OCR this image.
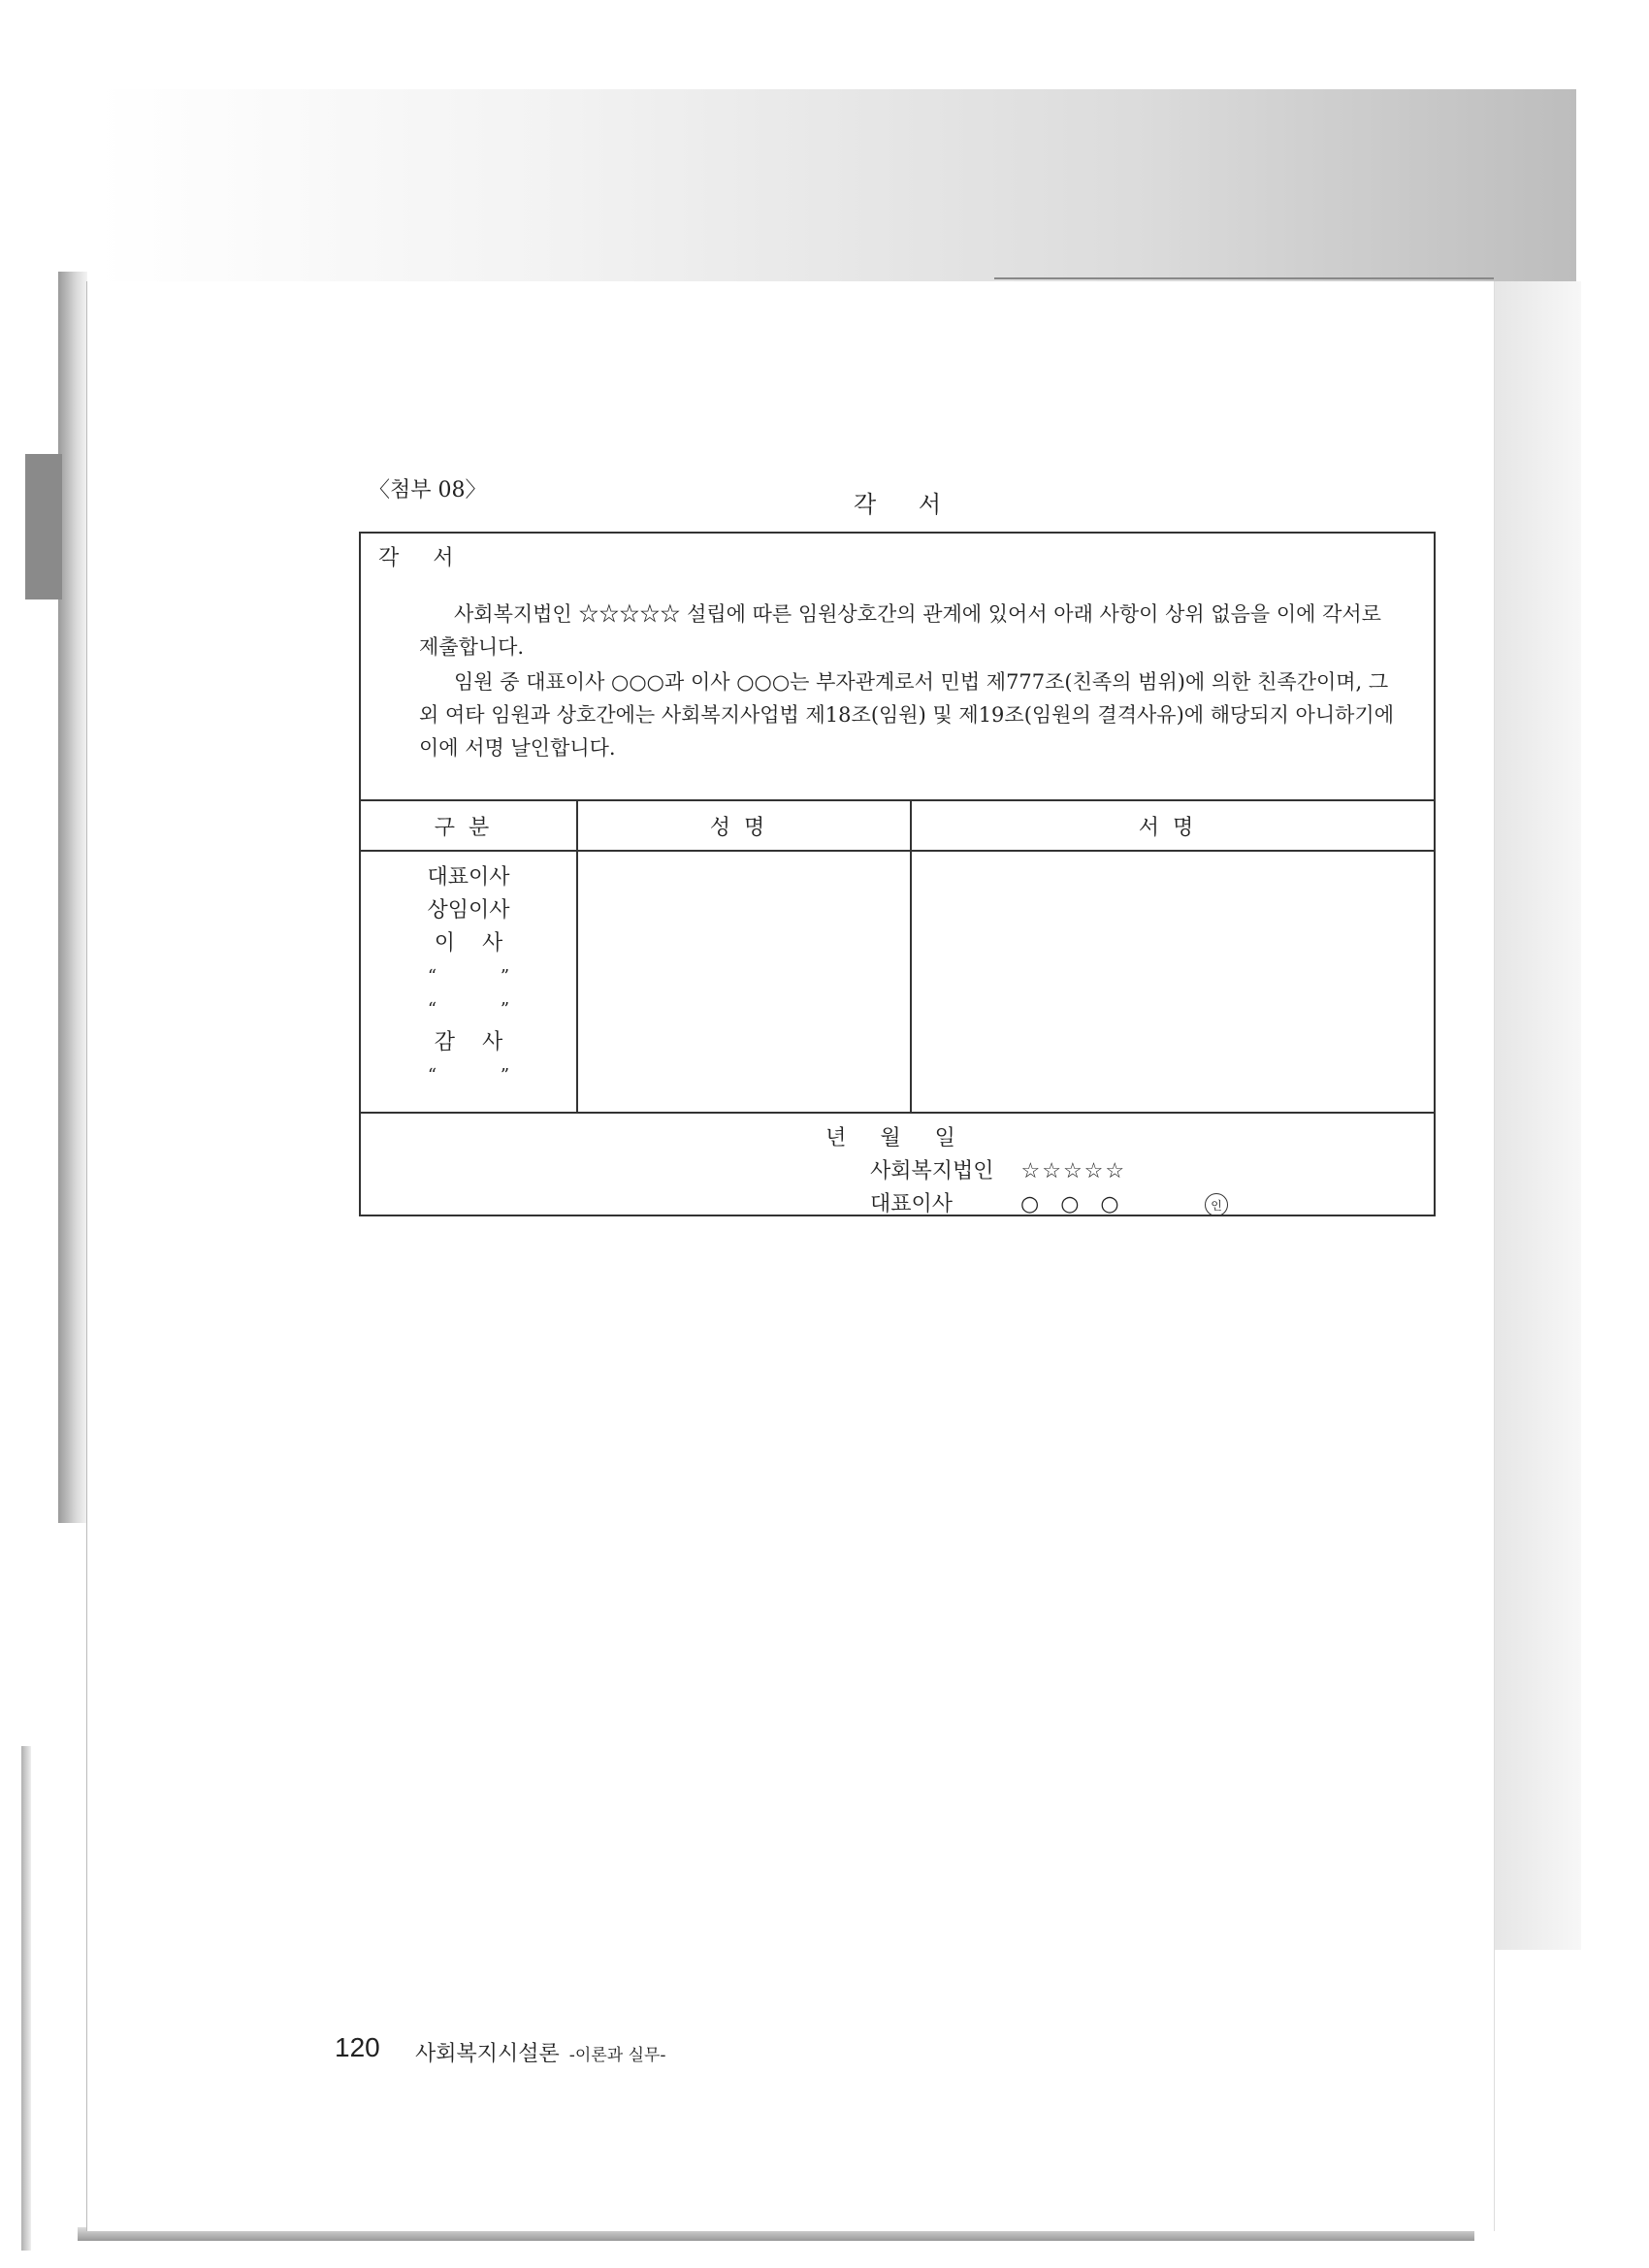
〈첨부 08〉
각 서
각 서
사회복지법인 ☆☆☆☆☆ 설립에 따른 임원상호간의 관계에 있어서 아래 사항이 상위 없음을 이에 각서로 제출합니다.
임원 중 대표이사 ○○○과 이사 ○○○는 부자관계로서 민법 제777조(친족의 범위)에 의한 친족간이며, 그 외 여타 임원과 상호간에는 사회복지사업법 제18조(임원) 및 제19조(임원의 결격사유)에 해당되지 아니하기에 이에 서명 날인합니다.
구분	성명	서명
대표이사
상임이사
이사
“ ”
“ ”
감사
“ ”
년 월 일
사회복지법인 ☆☆☆☆☆
대표이사	○○○	인
120 사회복지시설론 -이론과 실무-
